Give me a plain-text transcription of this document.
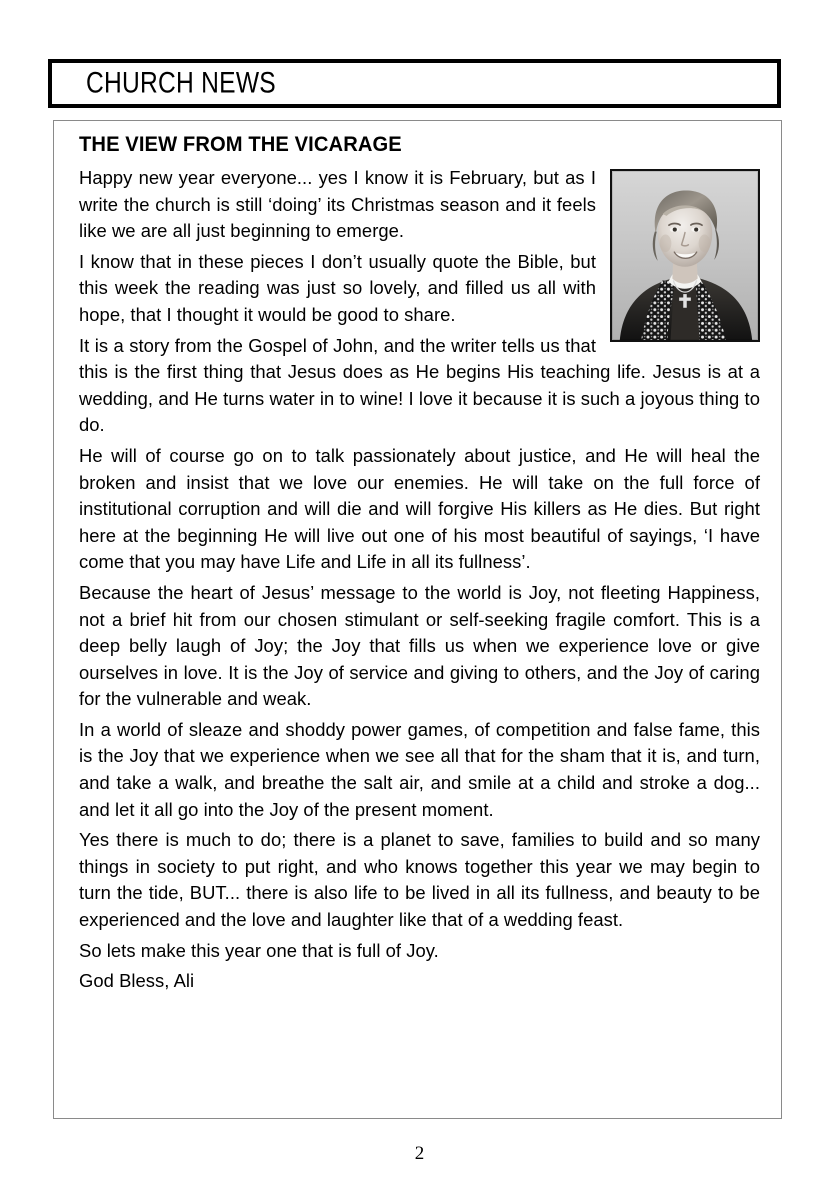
CHURCH NEWS
THE VIEW FROM THE VICARAGE

Happy new year everyone... yes I know it is February, but as I write the church is still ‘doing’ its Christmas season and it feels like we are all just beginning to emerge.

I know that in these pieces I don’t usually quote the Bible, but this week the reading was just so lovely, and filled us all with hope, that I thought it would be good to share.

It is a story from the Gospel of John, and the writer tells us that this is the first thing that Jesus does as He begins His teaching life. Jesus is at a wedding, and He turns water in to wine! I love it because it is such a joyous thing to do.

He will of course go on to talk passionately about justice, and He will heal the broken and insist that we love our enemies. He will take on the full force of institutional corruption and will die and will forgive His killers as He dies. But right here at the beginning He will live out one of his most beautiful of sayings, ‘I have come that you may have Life and Life in all its fullness’.

Because the heart of Jesus’ message to the world is Joy, not fleeting Happiness, not a brief hit from our chosen stimulant or self-seeking fragile comfort. This is a deep belly laugh of Joy; the Joy that fills us when we experience love or give ourselves in love. It is the Joy of service and giving to others, and the Joy of caring for the vulnerable and weak.

In a world of sleaze and shoddy power games, of competition and false fame, this is the Joy that we experience when we see all that for the sham that it is, and turn, and take a walk, and breathe the salt air, and smile at a child and stroke a dog... and let it all go into the Joy of the present moment.

Yes there is much to do; there is a planet to save, families to build and so many things in society to put right, and who knows together this year we may begin to turn the tide, BUT... there is also life to be lived in all its fullness, and beauty to be experienced and the love and laughter like that of a wedding feast.

So lets make this year one that is full of Joy.

God Bless, Ali

2
